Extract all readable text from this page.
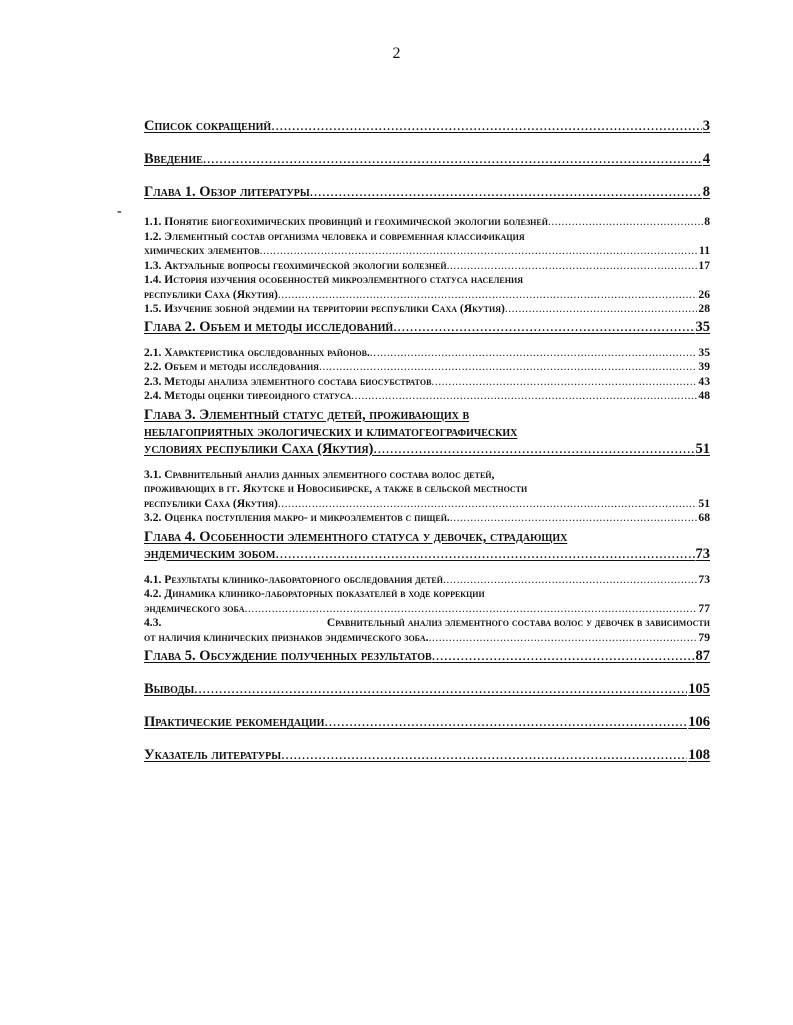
2
-
Список сокращений .....	3
Введение .....	4
Глава 1. Обзор литературы .....	8
1.1. Понятие биогеохимических провинций и геохимической экологии болезней .....	8
1.2. Элементный состав организма человека и современная классификация
химических элементов .....	11
1.3. Актуальные вопросы геохимической экологии болезней .....	17
1.4. История изучения особенностей микроэлементного статуса населения
республики Саха (Якутия) .....	26
1.5. Изучение зобной эндемии на территории республики Саха (Якутия) .....	28
Глава 2. Объем и методы исследований .....	35
2.1. Характеристика обследованных районов. .....	35
2.2. Объем и методы исследования .....	39
2.3. Методы анализа элементного состава биосубстратов .....	43
2.4. Методы оценки тиреоидного статуса .....	48
Глава 3. Элементный статус детей, проживающих в
неблагоприятных экологических и климатогеографических
условиях республики Саха (Якутия) .....	51
3.1. Сравнительный анализ данных элементного состава волос детей,
проживающих в гг. Якутске и Новосибирске, а также в сельской местности
республики Саха (Якутия) .....	51
3.2. Оценка поступления макро- и микроэлементов с пищей. .....	68
Глава 4. Особенности элементного статуса у девочек, страдающих
эндемическим зобом .....	73
4.1. Результаты клинико-лабораторного обследования детей .....	73
4.2. Динамика клинико-лабораторных показателей в ходе коррекции
эндемического зоба .....	77
4.3.	Сравнительный анализ элементного состава волос у девочек в зависимости
от наличия клинических признаков эндемического зоба. .....	79
Глава 5. Обсуждение полученных результатов .....	87
Выводы .....	105
Практические рекомендации .....	106
Указатель литературы .....	108
